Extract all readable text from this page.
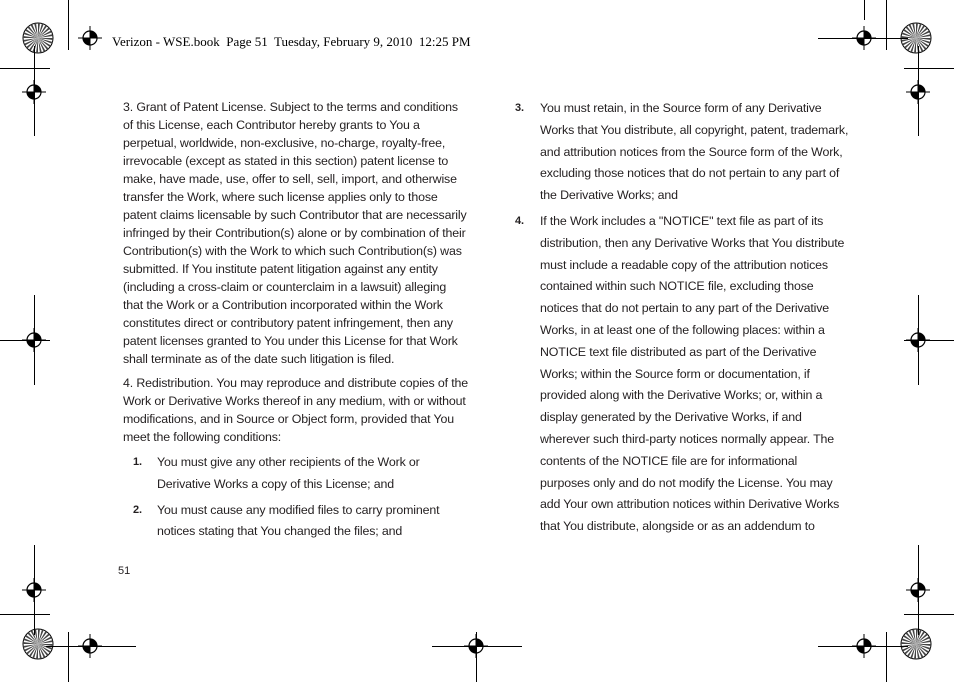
Verizon - WSE.book  Page 51  Tuesday, February 9, 2010  12:25 PM

3. Grant of Patent License. Subject to the terms and conditions of this License, each Contributor hereby grants to You a perpetual, worldwide, non-exclusive, no-charge, royalty-free, irrevocable (except as stated in this section) patent license to make, have made, use, offer to sell, sell, import, and otherwise transfer the Work, where such license applies only to those patent claims licensable by such Contributor that are necessarily infringed by their Contribution(s) alone or by combination of their Contribution(s) with the Work to which such Contribution(s) was submitted. If You institute patent litigation against any entity (including a cross-claim or counterclaim in a lawsuit) alleging that the Work or a Contribution incorporated within the Work constitutes direct or contributory patent infringement, then any patent licenses granted to You under this License for that Work shall terminate as of the date such litigation is filed.

4. Redistribution. You may reproduce and distribute copies of the Work or Derivative Works thereof in any medium, with or without modifications, and in Source or Object form, provided that You meet the following conditions:

1. You must give any other recipients of the Work or Derivative Works a copy of this License; and
2. You must cause any modified files to carry prominent notices stating that You changed the files; and
3. You must retain, in the Source form of any Derivative Works that You distribute, all copyright, patent, trademark, and attribution notices from the Source form of the Work, excluding those notices that do not pertain to any part of the Derivative Works; and
4. If the Work includes a "NOTICE" text file as part of its distribution, then any Derivative Works that You distribute must include a readable copy of the attribution notices contained within such NOTICE file, excluding those notices that do not pertain to any part of the Derivative Works, in at least one of the following places: within a NOTICE text file distributed as part of the Derivative Works; within the Source form or documentation, if provided along with the Derivative Works; or, within a display generated by the Derivative Works, if and wherever such third-party notices normally appear. The contents of the NOTICE file are for informational purposes only and do not modify the License. You may add Your own attribution notices within Derivative Works that You distribute, alongside or as an addendum to
51
